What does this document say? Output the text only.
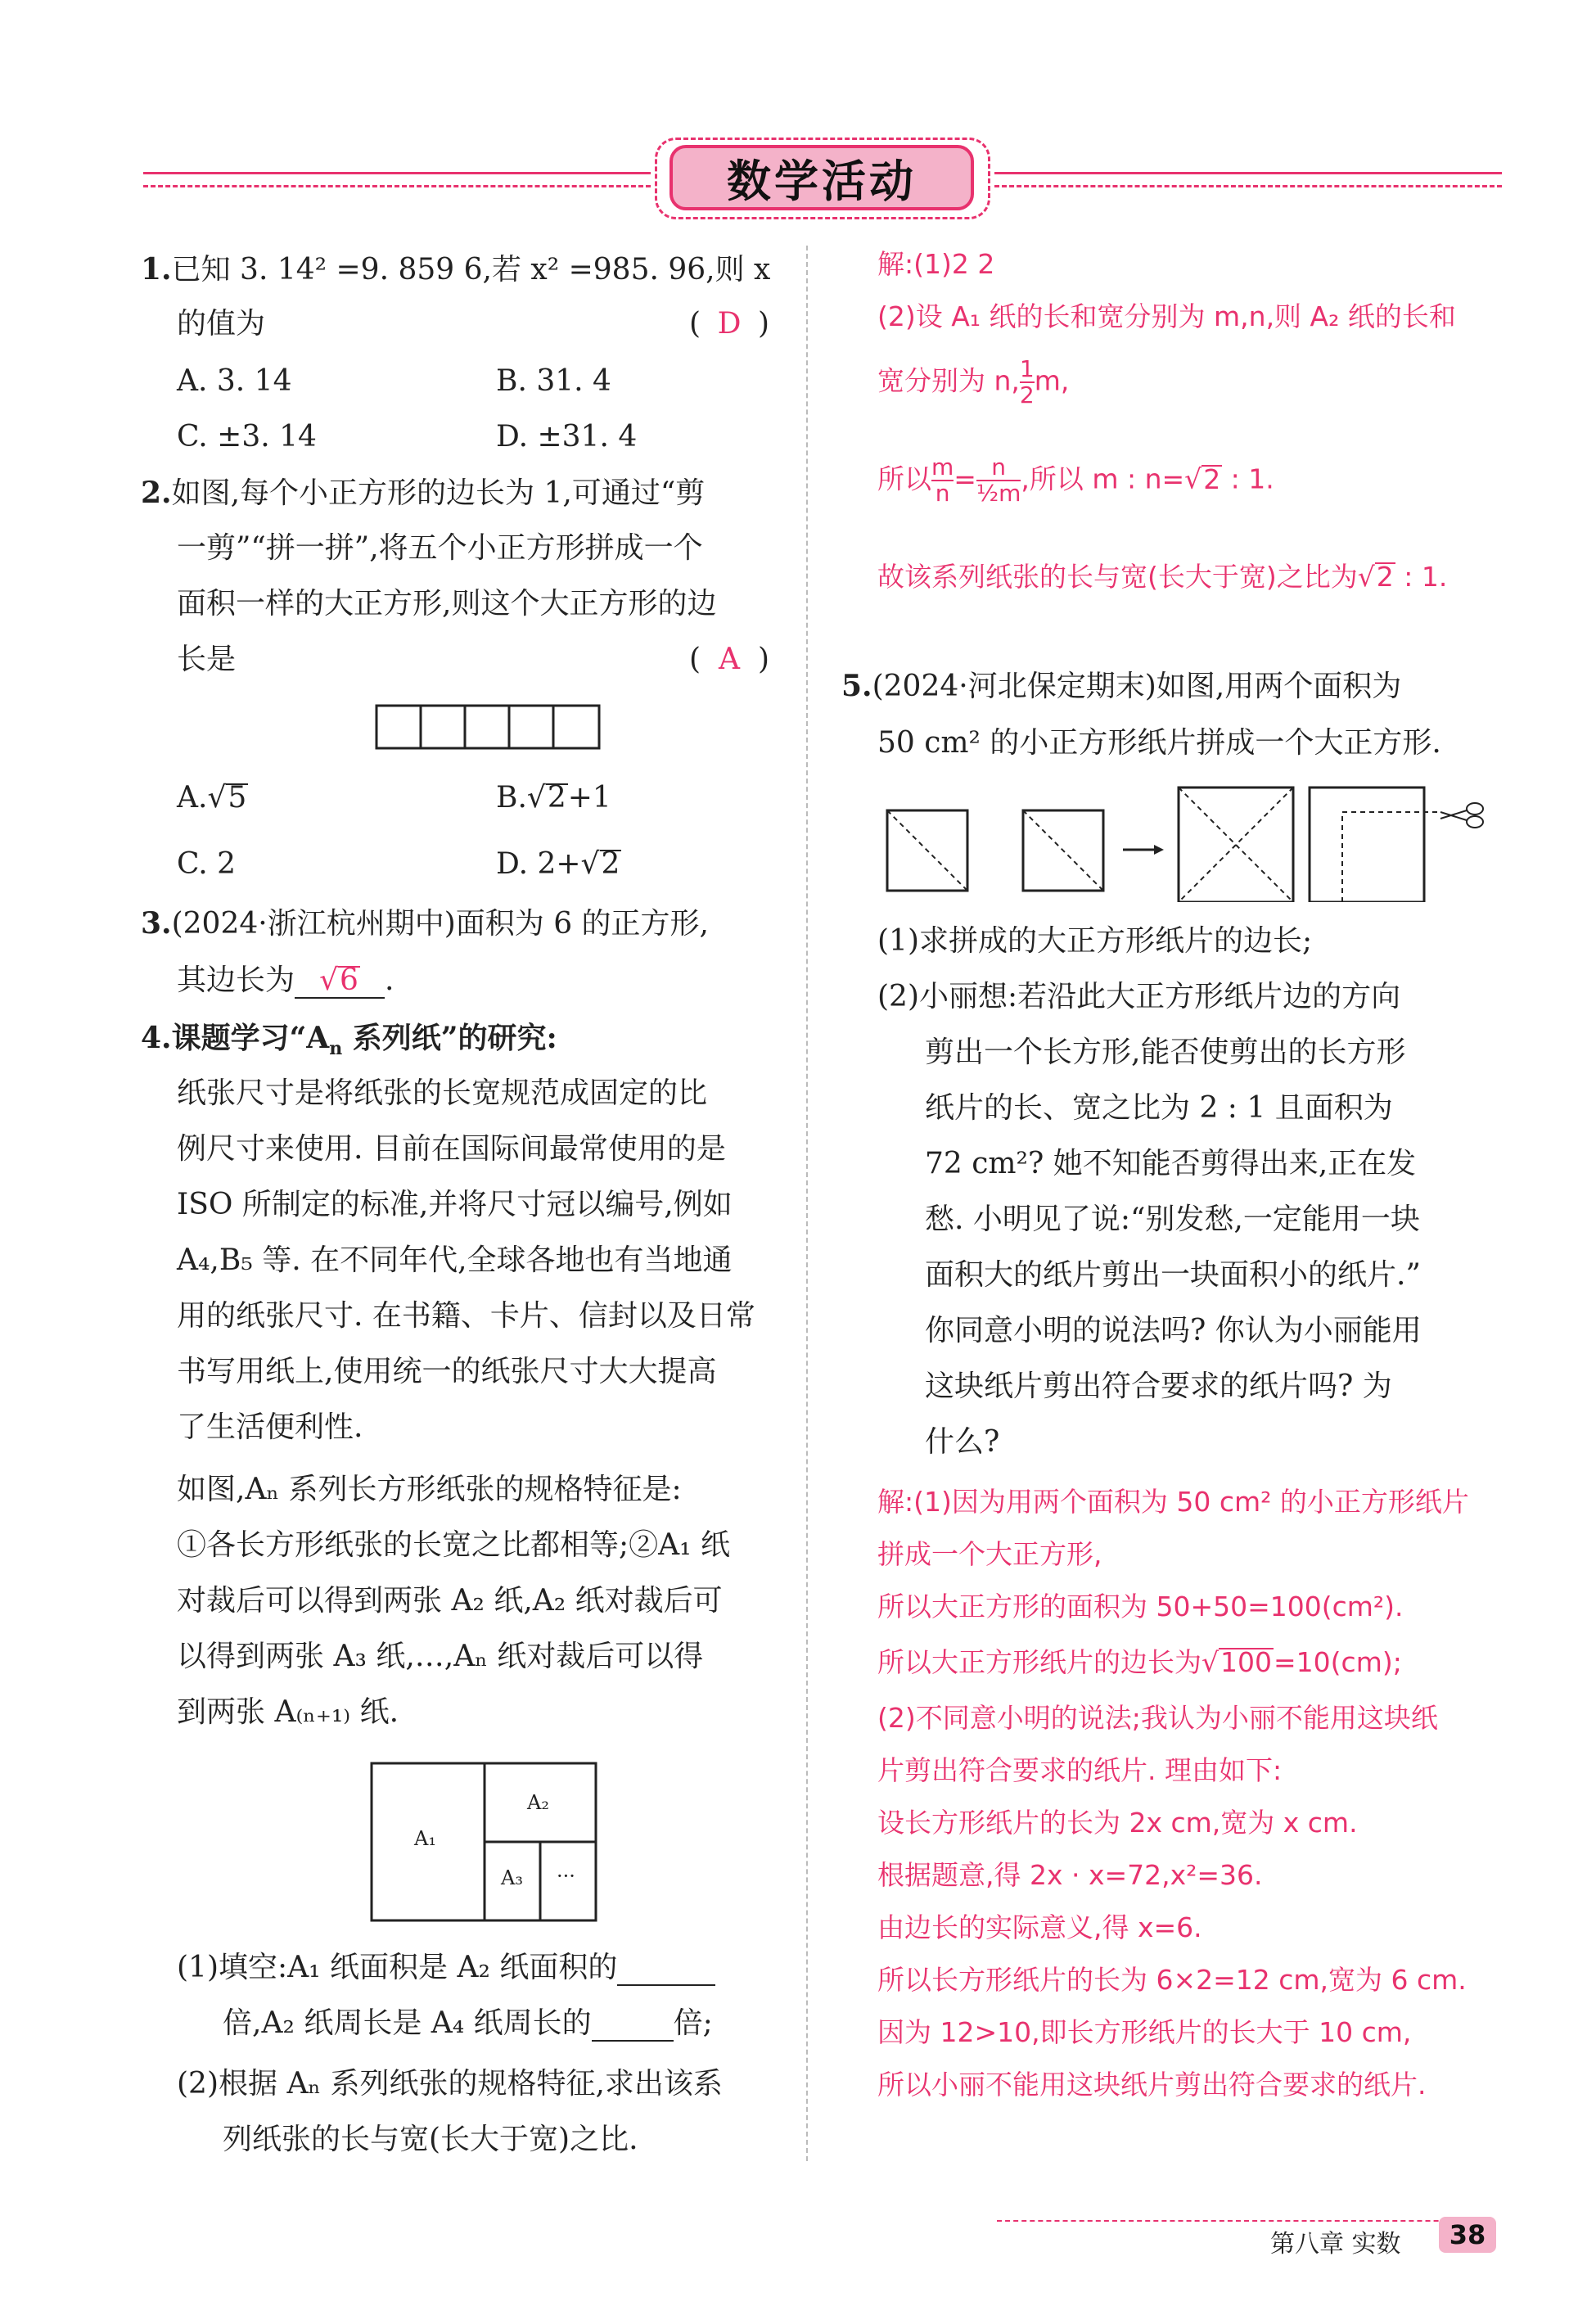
数学活动
1.已知 3. 14² =9. 859 6,若 x² =985. 96,则 x
的值为	( D )
A. 3. 14	B. 31. 4
C. ±3. 14	D. ±31. 4
2.如图,每个小正方形的边长为 1,可通过“剪
一剪”“拼一拼”,将五个小正方形拼成一个
面积一样的大正方形,则这个大正方形的边
长是	( A )
A.√5	B.√2+1
C. 2	D. 2+√2
3.(2024·浙江杭州期中)面积为 6 的正方形,
其边长为 √6 .
4.课题学习“$A_n$ 系列纸”的研究:
纸张尺寸是将纸张的长宽规范成固定的比
例尺寸来使用. 目前在国际间最常使用的是
ISO 所制定的标准,并将尺寸冠以编号,例如
A₄,B₅ 等. 在不同年代,全球各地也有当地通
用的纸张尺寸. 在书籍、卡片、信封以及日常
书写用纸上,使用统一的纸张尺寸大大提高
了生活便利性.
如图,Aₙ 系列长方形纸张的规格特征是:
①各长方形纸张的长宽之比都相等;②A₁ 纸
对裁后可以得到两张 A₂ 纸,A₂ 纸对裁后可
以得到两张 A₃ 纸,…,Aₙ 纸对裁后可以得
到两张 A₍ₙ₊₁₎ 纸.
A₁
A₂
A₃ ···
(1)填空:A₁ 纸面积是 A₂ 纸面积的
倍,A₂ 纸周长是 A₄ 纸周长的	倍;
(2)根据 Aₙ 系列纸张的规格特征,求出该系
列纸张的长与宽(长大于宽)之比.
解:(1)2 2
(2)设 A₁ 纸的长和宽分别为 m,n,则 A₂ 纸的长和
宽分别为 n, $\frac{1}{2} m$,
所以 $\frac{m}{n} = \frac{n}{\text{½m}}$ ,所以 m : n=√2 : 1.
故该系列纸张的长与宽(长大于宽)之比为√2 : 1.
5.(2024·河北保定期末)如图,用两个面积为
50 cm² 的小正方形纸片拼成一个大正方形.
(1)求拼成的大正方形纸片的边长;
(2)小丽想:若沿此大正方形纸片边的方向
剪出一个长方形,能否使剪出的长方形
纸片的长、宽之比为 2 : 1 且面积为
72 cm²? 她不知能否剪得出来,正在发
愁. 小明见了说:“别发愁,一定能用一块
面积大的纸片剪出一块面积小的纸片.”
你同意小明的说法吗? 你认为小丽能用
这块纸片剪出符合要求的纸片吗? 为
什么?
解:(1)因为用两个面积为 50 cm² 的小正方形纸片
拼成一个大正方形,
所以大正方形的面积为 50+50=100(cm²).
所以大正方形纸片的边长为√100=10(cm);
(2)不同意小明的说法;我认为小丽不能用这块纸
片剪出符合要求的纸片. 理由如下:
设长方形纸片的长为 2x cm,宽为 x cm.
根据题意,得 2x · x=72,x²=36.
由边长的实际意义,得 x=6.
所以长方形纸片的长为 6×2=12 cm,宽为 6 cm.
因为 12>10,即长方形纸片的长大于 10 cm,
所以小丽不能用这块纸片剪出符合要求的纸片.
第八章 实数	38
